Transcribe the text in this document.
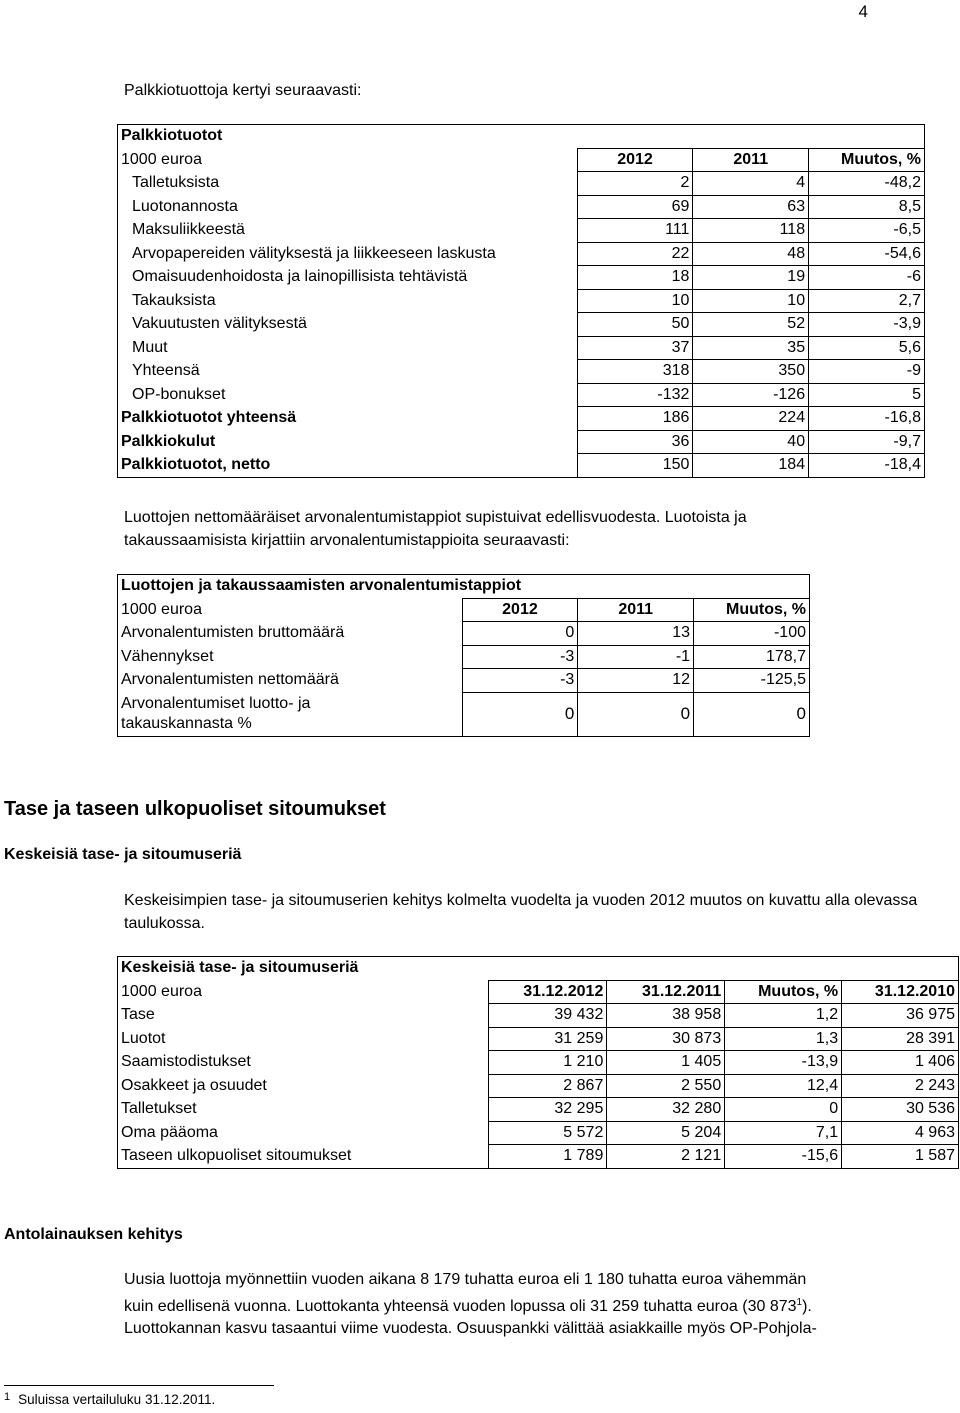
4
Palkkiotuottoja kertyi seuraavasti:
Palkkiotuotot			
1000 euroa	2012	2011	Muutos, %
Talletuksista	2	4	-48,2
Luotonannosta	69	63	8,5
Maksuliikkeestä	111	118	-6,5
Arvopapereiden välityksestä ja liikkeeseen laskusta	22	48	-54,6
Omaisuudenhoidosta ja lainopillisista tehtävistä	18	19	-6
Takauksista	10	10	2,7
Vakuutusten välityksestä	50	52	-3,9
Muut	37	35	5,6
Yhteensä	318	350	-9
OP-bonukset	-132	-126	5
Palkkiotuotot yhteensä	186	224	-16,8
Palkkiokulut	36	40	-9,7
Palkkiotuotot, netto	150	184	-18,4
Luottojen nettomääräiset arvonalentumistappiot supistuivat edellisvuodesta. Luotoista ja takaussaamisista kirjattiin arvonalentumistappioita seuraavasti:
Luottojen ja takaussaamisten arvonalentumistappiot			
1000 euroa	2012	2011	Muutos, %
Arvonalentumisten bruttomäärä	0	13	-100
Vähennykset	-3	-1	178,7
Arvonalentumisten nettomäärä	-3	12	-125,5

Arvonalentumiset luotto- ja
takauskannasta %	0	0	0
Tase ja taseen ulkopuoliset sitoumukset
Keskeisiä tase- ja sitoumuseriä
Keskeisimpien tase- ja sitoumuserien kehitys kolmelta vuodelta ja vuoden 2012 muutos on kuvattu alla olevassa taulukossa.
Keskeisiä tase- ja sitoumuseriä				
1000 euroa	31.12.2012	31.12.2011	Muutos, %	31.12.2010
Tase	39 432	38 958	1,2	36 975
Luotot	31 259	30 873	1,3	28 391
Saamistodistukset	1 210	1 405	-13,9	1 406
Osakkeet ja osuudet	2 867	2 550	12,4	2 243
Talletukset	32 295	32 280	0	30 536
Oma pääoma	5 572	5 204	7,1	4 963
Taseen ulkopuoliset sitoumukset	1 789	2 121	-15,6	1 587
Antolainauksen kehitys
Uusia luottoja myönnettiin vuoden aikana 8 179 tuhatta euroa eli 1 180 tuhatta euroa vähemmän
kuin edellisenä vuonna. Luottokanta yhteensä vuoden lopussa oli 31 259 tuhatta euroa (30 873$^1$).
Luottokannan kasvu tasaantui viime vuodesta. Osuuspankki välittää asiakkaille myös OP-Pohjola-
$^1$ Suluissa vertailuluku 31.12.2011.
